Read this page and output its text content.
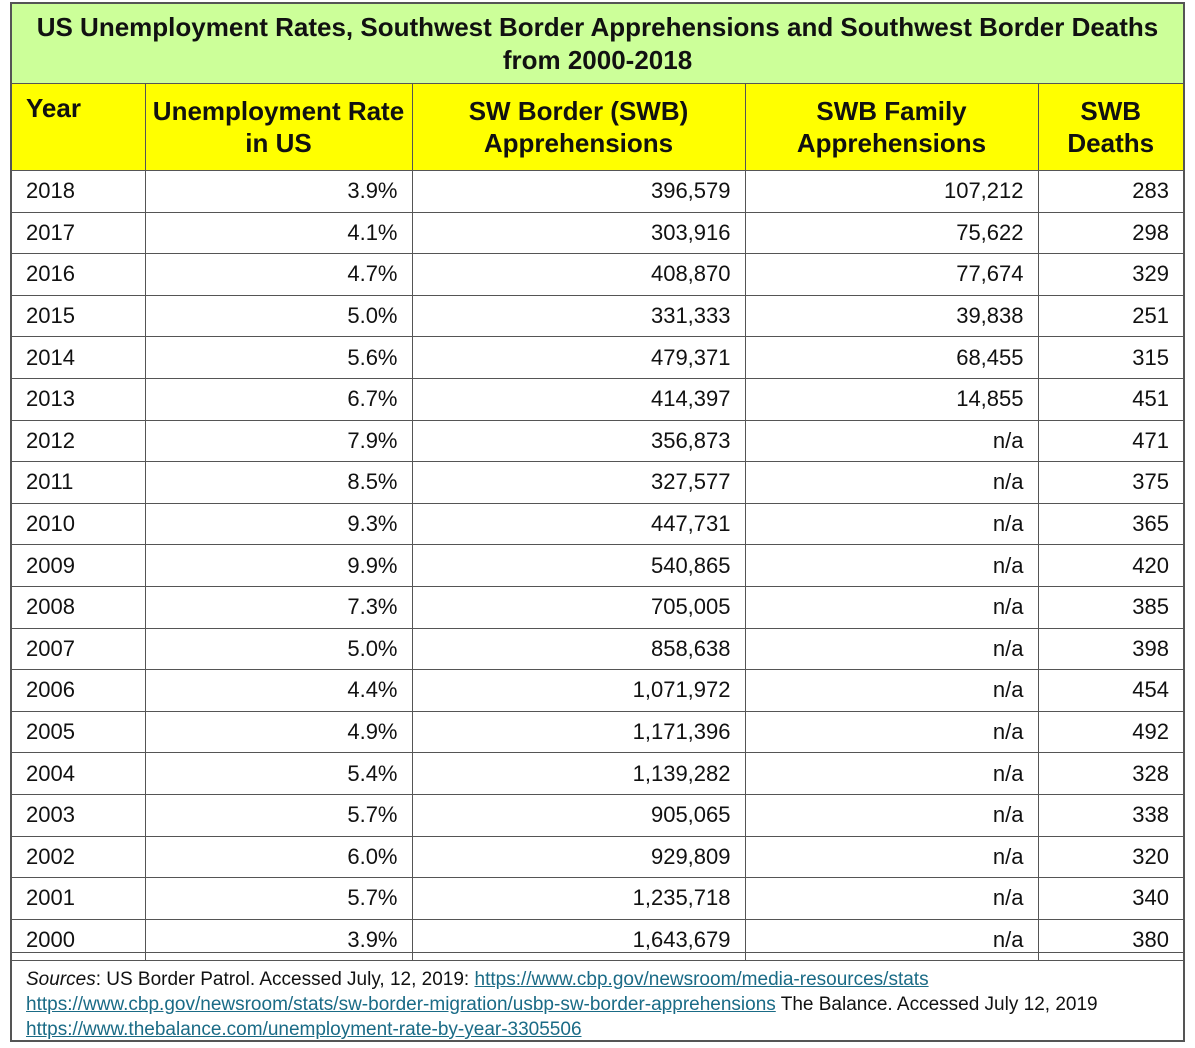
US Unemployment Rates, Southwest Border Apprehensions and Southwest Border Deaths from 2000-2018
Year	Unemployment Rate in US	SW Border (SWB) Apprehensions	SWB Family Apprehensions	SWB Deaths
2018	3.9%	396,579	107,212	283
2017	4.1%	303,916	75,622	298
2016	4.7%	408,870	77,674	329
2015	5.0%	331,333	39,838	251
2014	5.6%	479,371	68,455	315
2013	6.7%	414,397	14,855	451
2012	7.9%	356,873	n/a	471
2011	8.5%	327,577	n/a	375
2010	9.3%	447,731	n/a	365
2009	9.9%	540,865	n/a	420
2008	7.3%	705,005	n/a	385
2007	5.0%	858,638	n/a	398
2006	4.4%	1,071,972	n/a	454
2005	4.9%	1,171,396	n/a	492
2004	5.4%	1,139,282	n/a	328
2003	5.7%	905,065	n/a	338
2002	6.0%	929,809	n/a	320
2001	5.7%	1,235,718	n/a	340
2000	3.9%	1,643,679	n/a	380
Sources: US Border Patrol. Accessed July, 12, 2019: https://www.cbp.gov/newsroom/media-resources/stats
https://www.cbp.gov/newsroom/stats/sw-border-migration/usbp-sw-border-apprehensions The Balance. Accessed July 12, 2019 https://www.thebalance.com/unemployment-rate-by-year-3305506
